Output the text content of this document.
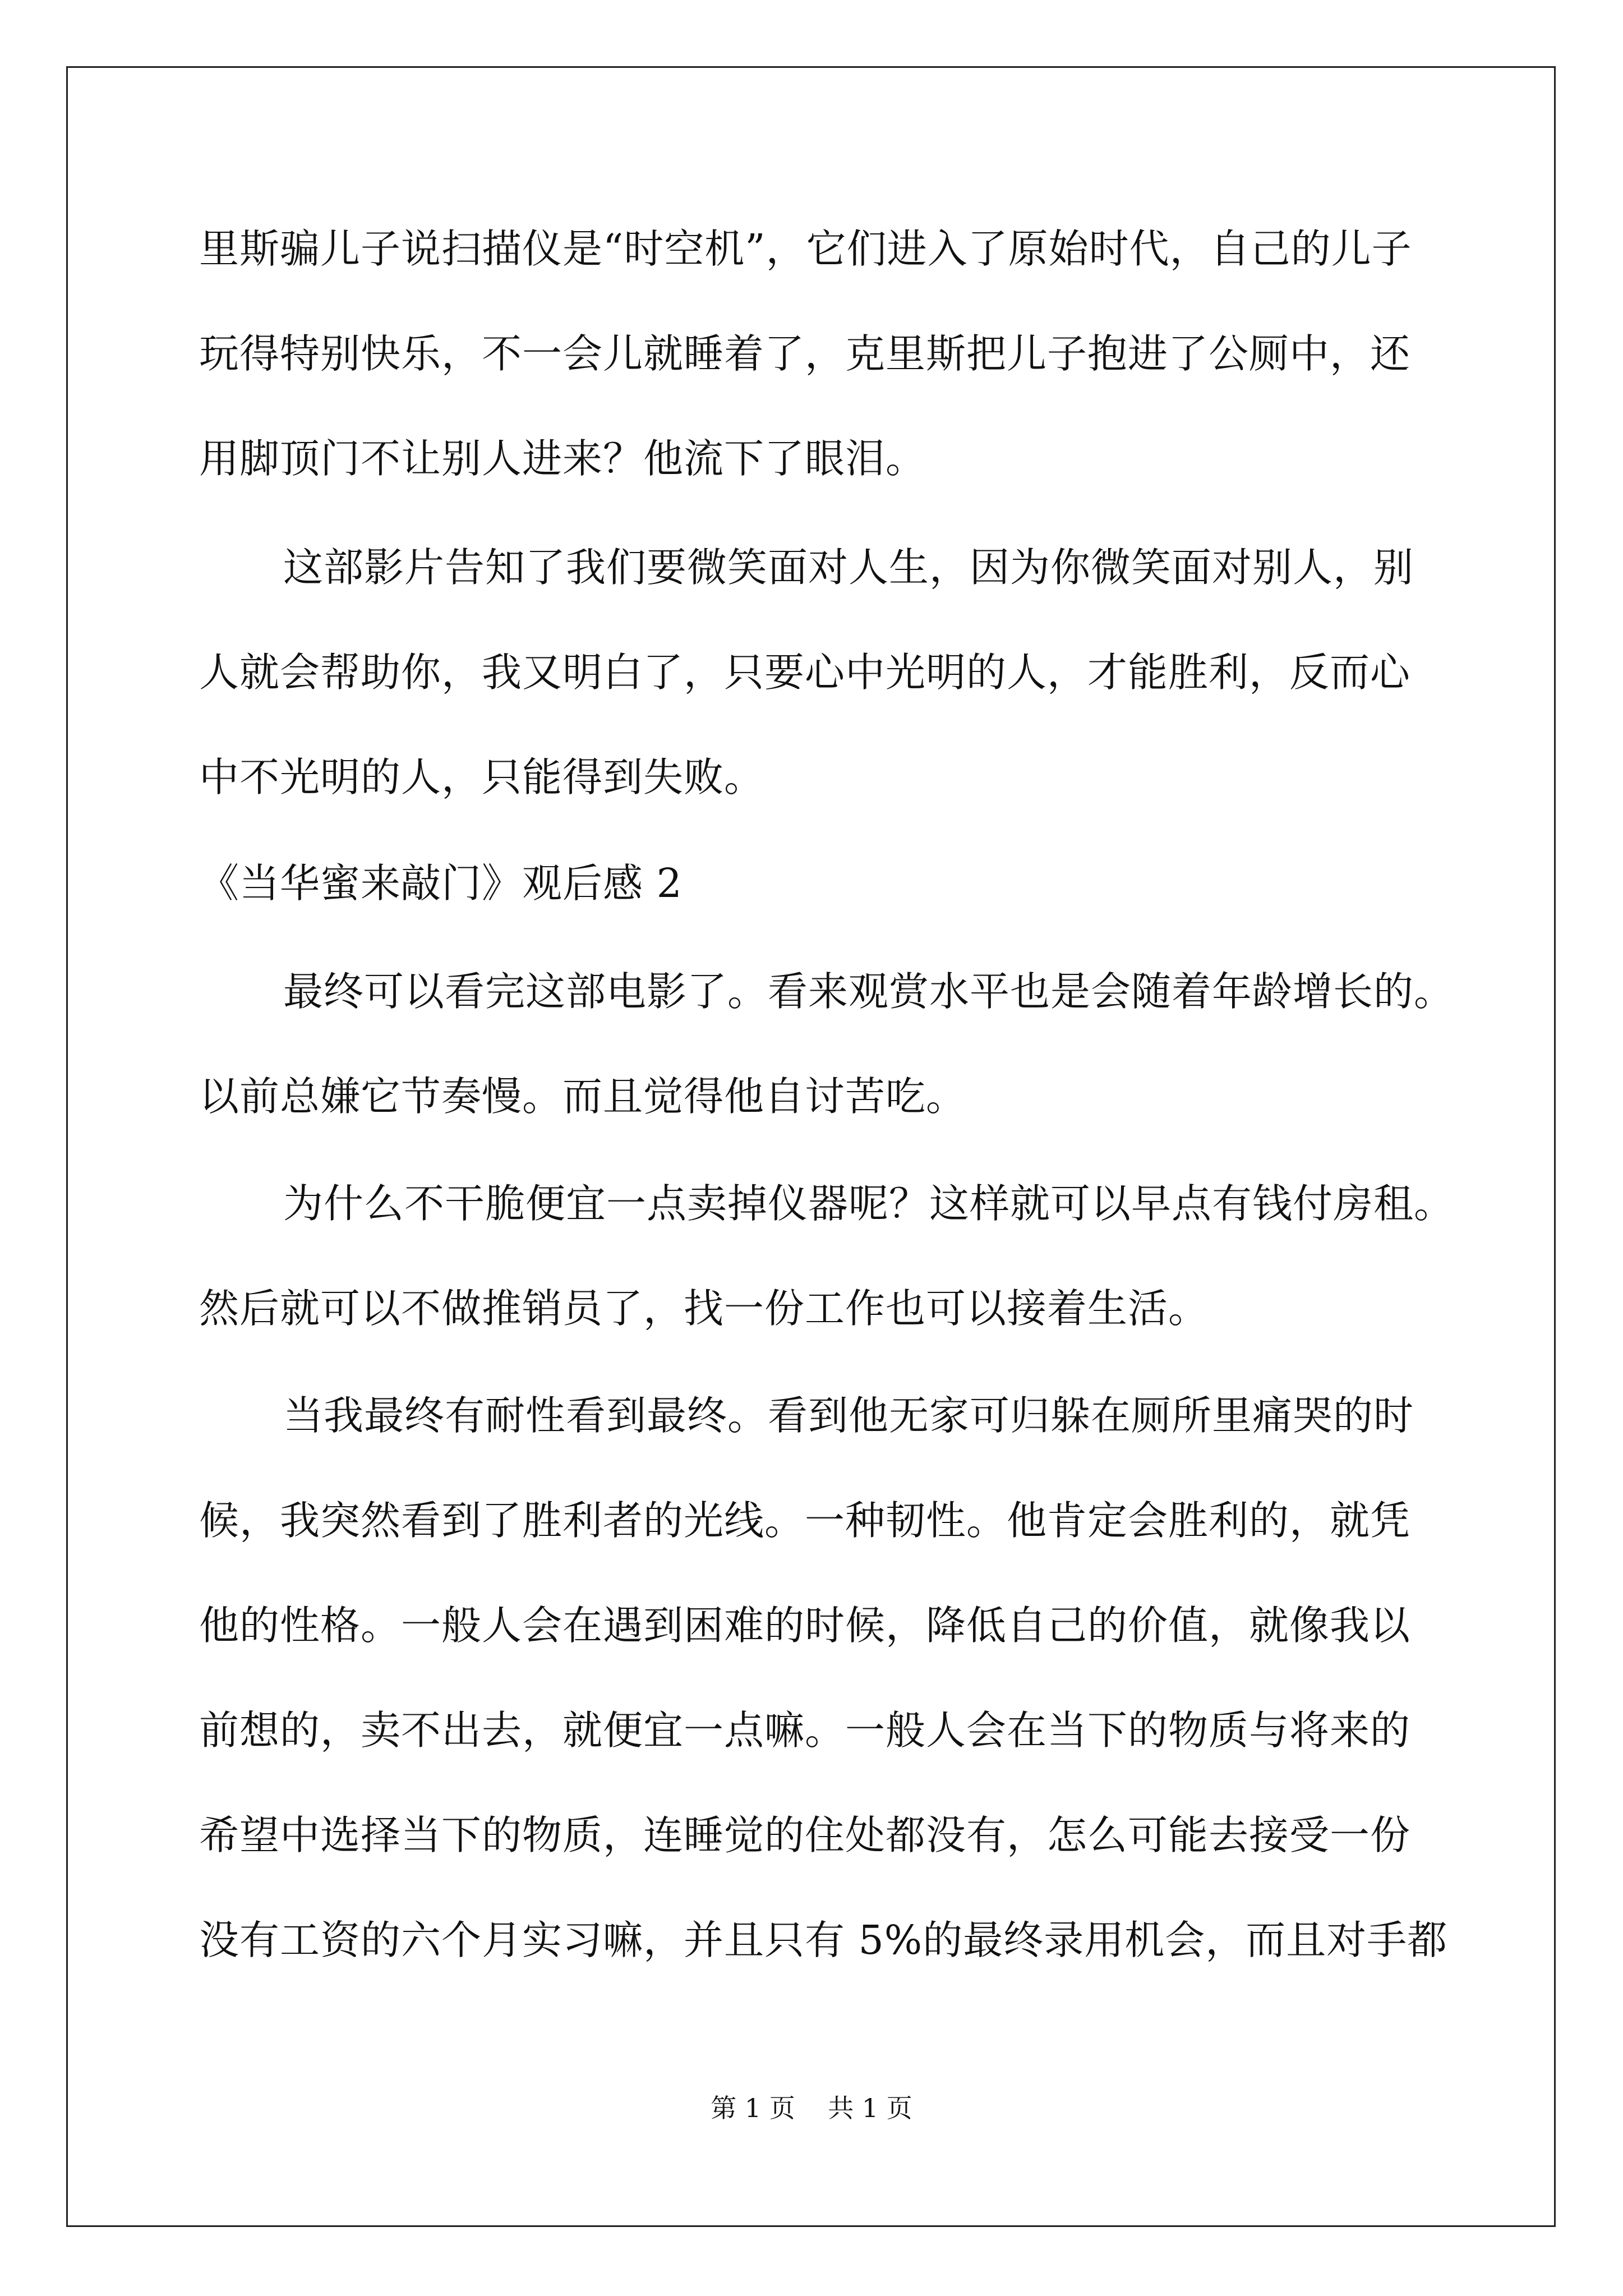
里斯骗儿子说扫描仪是“时空机”，它们进入了原始时代，自己的儿子
玩得特别快乐，不一会儿就睡着了，克里斯把儿子抱进了公厕中，还
用脚顶门不让别人进来？他流下了眼泪。
这部影片告知了我们要微笑面对人生，因为你微笑面对别人，别
人就会帮助你，我又明白了，只要心中光明的人，才能胜利，反而心
中不光明的人，只能得到失败。
《当华蜜来敲门》观后感 2
最终可以看完这部电影了。看来观赏水平也是会随着年龄增长的。
以前总嫌它节奏慢。而且觉得他自讨苦吃。
为什么不干脆便宜一点卖掉仪器呢？这样就可以早点有钱付房租。
然后就可以不做推销员了，找一份工作也可以接着生活。
当我最终有耐性看到最终。看到他无家可归躲在厕所里痛哭的时
候，我突然看到了胜利者的光线。一种韧性。他肯定会胜利的，就凭
他的性格。一般人会在遇到困难的时候，降低自己的价值，就像我以
前想的，卖不出去，就便宜一点嘛。一般人会在当下的物质与将来的
希望中选择当下的物质，连睡觉的住处都没有，怎么可能去接受一份
没有工资的六个月实习嘛，并且只有 5%的最终录用机会，而且对手都
第 1 页    共 1 页
